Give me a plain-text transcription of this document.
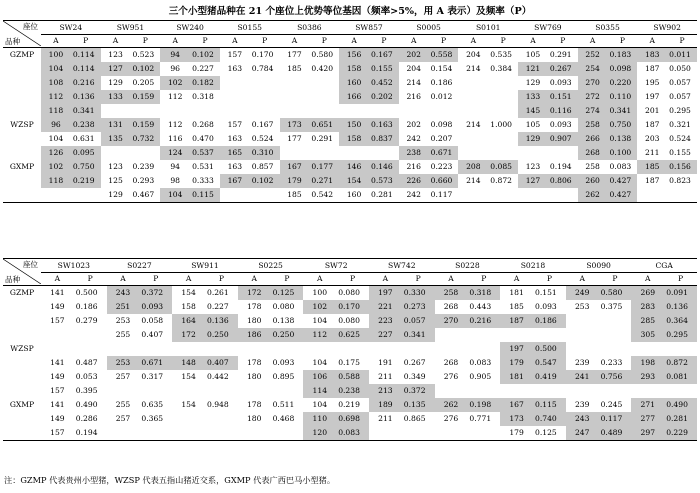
三个小型猪品种在 21 个座位上优势等位基因（频率>5%，用 A 表示）及频率（P）
座位
品种	SW24		SW951		SW240		S0155		S0386		SW857		S0005		S0101		SW769		S0355		SW902	
	A	P	A	P	A	P	A	P	A	P	A	P	A	P	A	P	A	P	A	P	A	P
GZMP	100	0.114	123	0.523	94	0.102	157	0.170	177	0.580	156	0.167	202	0.558	204	0.535	105	0.291	252	0.183	183	0.011
	104	0.114	127	0.102	96	0.227	163	0.784	185	0.420	158	0.155	204	0.154	214	0.384	121	0.267	254	0.098	187	0.050
	108	0.216	129	0.205	102	0.182					160	0.452	214	0.186			129	0.093	270	0.220	195	0.057
	112	0.136	133	0.159	112	0.318					166	0.202	216	0.012			133	0.151	272	0.110	197	0.057
	118	0.341															145	0.116	274	0.341	201	0.295
WZSP	96	0.238	131	0.159	112	0.268	157	0.167	173	0.651	150	0.163	202	0.098	214	1.000	105	0.093	258	0.750	187	0.321
	104	0.631	135	0.732	116	0.470	163	0.524	177	0.291	158	0.837	242	0.207			129	0.907	266	0.138	203	0.524
	126	0.095			124	0.537	165	0.310					238	0.671					268	0.100	211	0.155
GXMP	102	0.750	123	0.239	94	0.531	163	0.857	167	0.177	146	0.146	216	0.223	208	0.085	123	0.194	258	0.083	185	0.156
	118	0.219	125	0.293	98	0.333	167	0.102	179	0.271	154	0.573	226	0.660	214	0.872	127	0.806	260	0.427	187	0.823
			129	0.467	104	0.115			185	0.542	160	0.281	242	0.117					262	0.427		
座位
品种	SW1023		S0227		SW911		S0225		SW72		SW742		S0228		S0218		S0090		CGA	
	A	P	A	P	A	P	A	P	A	P	A	P	A	P	A	P	A	P	A	P
GZMP	141	0.500	243	0.372	154	0.261	172	0.125	100	0.080	197	0.330	258	0.318	181	0.151	249	0.580	269	0.091
	149	0.186	251	0.093	158	0.227	178	0.080	102	0.170	221	0.273	268	0.443	185	0.093	253	0.375	283	0.136
	157	0.279	253	0.058	164	0.136	180	0.138	104	0.080	223	0.057	270	0.216	187	0.186			285	0.364
			255	0.407	172	0.250	186	0.250	112	0.625	227	0.341							305	0.295
WZSP															197	0.500				
	141	0.487	253	0.671	148	0.407	178	0.093	104	0.175	191	0.267	268	0.083	179	0.547	239	0.233	198	0.872
	149	0.053	257	0.317	154	0.442	180	0.895	106	0.588	211	0.349	276	0.905	181	0.419	241	0.756	293	0.081
	157	0.395							114	0.238	213	0.372								
GXMP	141	0.490	255	0.635	154	0.948	178	0.511	104	0.219	189	0.135	262	0.198	167	0.115	239	0.245	271	0.490
	149	0.286	257	0.365			180	0.468	110	0.698	211	0.865	276	0.771	173	0.740	243	0.117	277	0.281
	157	0.194							120	0.083					179	0.125	247	0.489	297	0.229
注：GZMP 代表贵州小型猪，WZSP 代表五指山猪近交系，GXMP 代表广西巴马小型猪。
